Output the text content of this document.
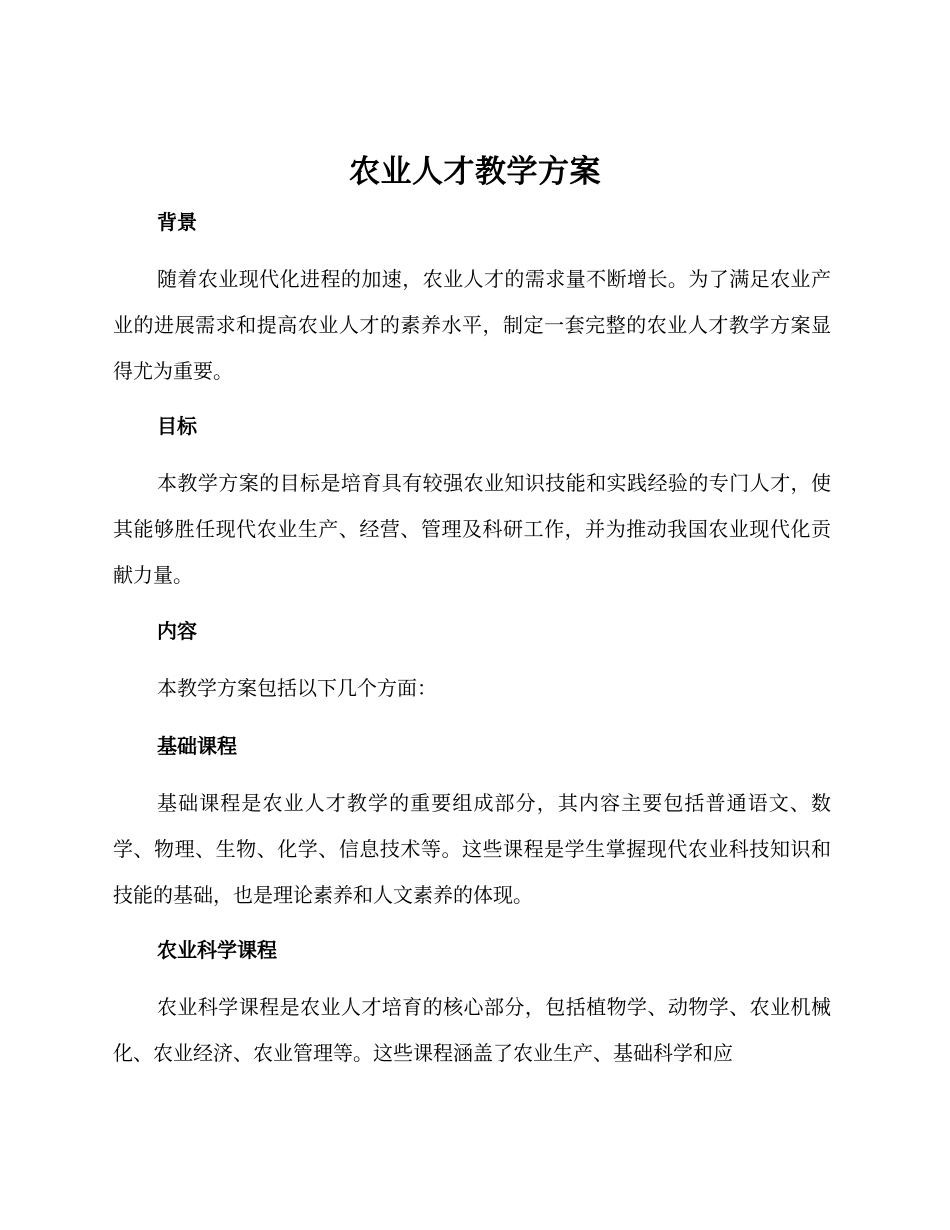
农业人才教学方案
背景

随着农业现代化进程的加速，农业人才的需求量不断增长。为了满足农业产业的进展需求和提高农业人才的素养水平，制定一套完整的农业人才教学方案显得尤为重要。

目标

本教学方案的目标是培育具有较强农业知识技能和实践经验的专门人才，使其能够胜任现代农业生产、经营、管理及科研工作，并为推动我国农业现代化贡献力量。

内容

本教学方案包括以下几个方面：

基础课程

基础课程是农业人才教学的重要组成部分，其内容主要包括普通语文、数学、物理、生物、化学、信息技术等。这些课程是学生掌握现代农业科技知识和技能的基础，也是理论素养和人文素养的体现。

农业科学课程

农业科学课程是农业人才培育的核心部分，包括植物学、动物学、农业机械化、农业经济、农业管理等。这些课程涵盖了农业生产、基础科学和应
